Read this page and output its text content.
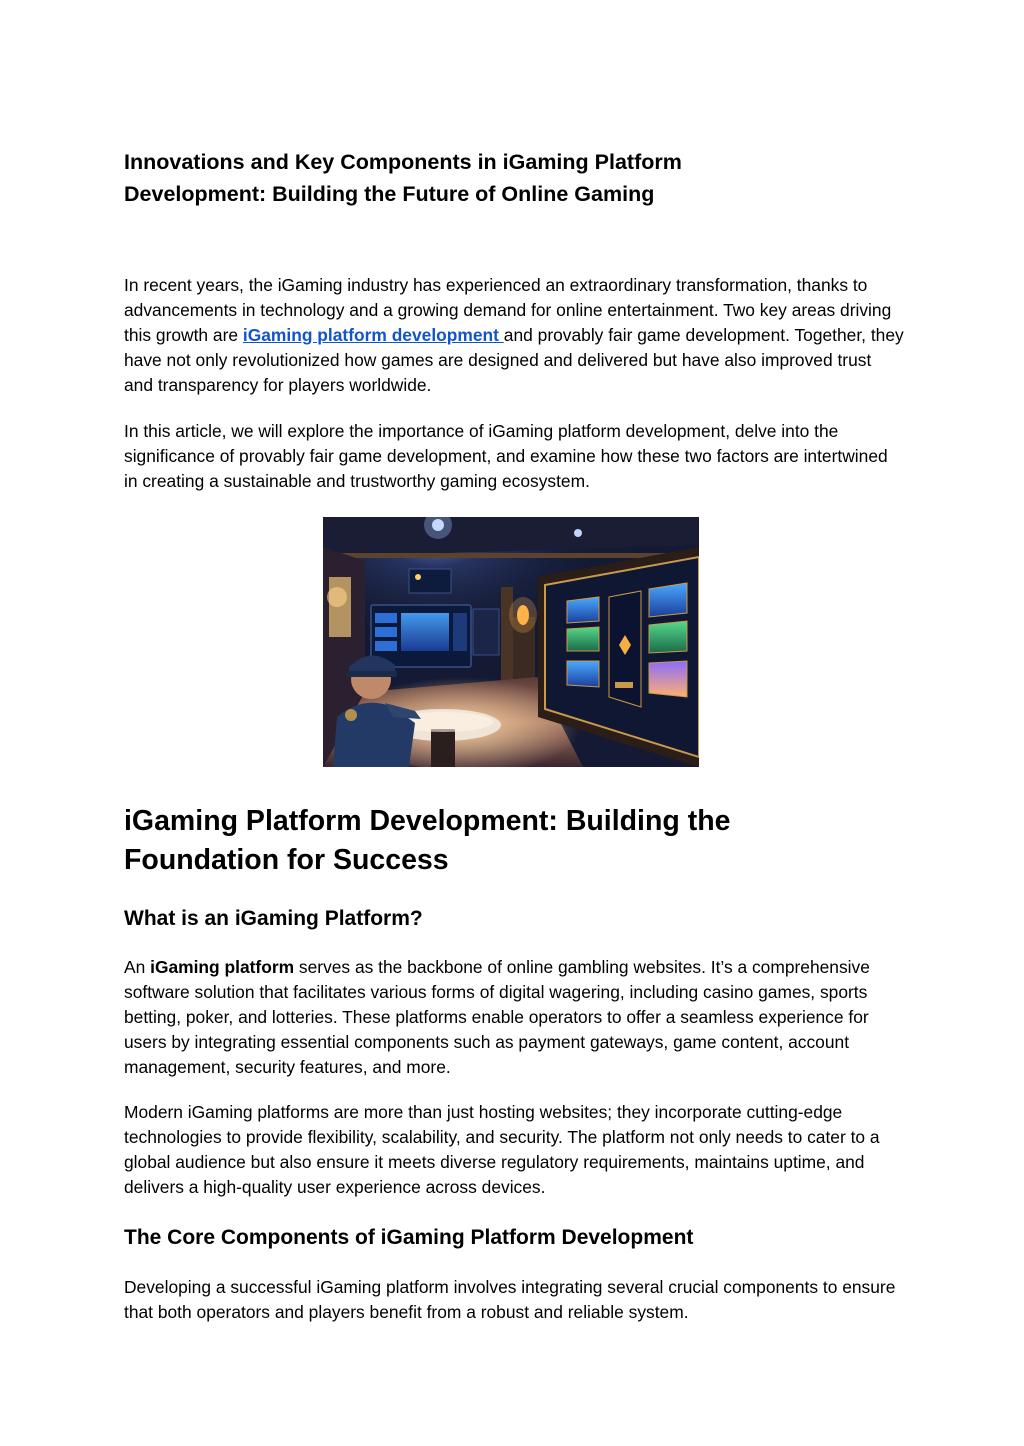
Innovations and Key Components in iGaming Platform Development: Building the Future of Online Gaming

In recent years, the iGaming industry has experienced an extraordinary transformation, thanks to advancements in technology and a growing demand for online entertainment. Two key areas driving this growth are iGaming platform development and provably fair game development. Together, they have not only revolutionized how games are designed and delivered but have also improved trust and transparency for players worldwide.

In this article, we will explore the importance of iGaming platform development, delve into the significance of provably fair game development, and examine how these two factors are intertwined in creating a sustainable and trustworthy gaming ecosystem.

iGaming Platform Development: Building the Foundation for Success
What is an iGaming Platform?

An iGaming platform serves as the backbone of online gambling websites. It’s a comprehensive software solution that facilitates various forms of digital wagering, including casino games, sports betting, poker, and lotteries. These platforms enable operators to offer a seamless experience for users by integrating essential components such as payment gateways, game content, account management, security features, and more.

Modern iGaming platforms are more than just hosting websites; they incorporate cutting-edge technologies to provide flexibility, scalability, and security. The platform not only needs to cater to a global audience but also ensure it meets diverse regulatory requirements, maintains uptime, and delivers a high-quality user experience across devices.

The Core Components of iGaming Platform Development

Developing a successful iGaming platform involves integrating several crucial components to ensure that both operators and players benefit from a robust and reliable system.
